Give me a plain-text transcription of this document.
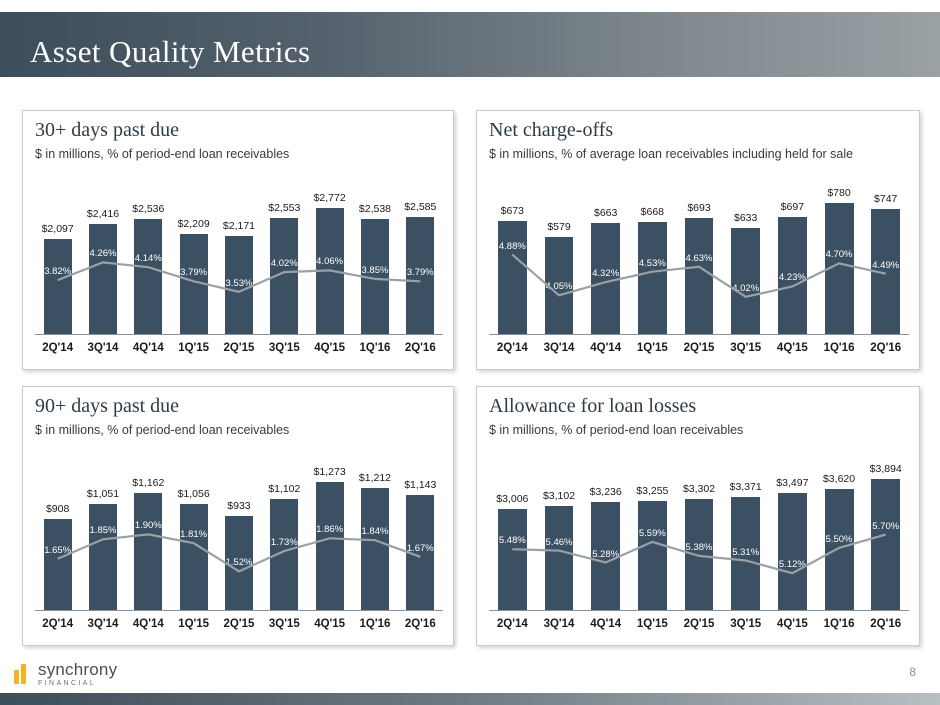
Asset Quality Metrics
30+ days past due
$ in millions, % of period-end loan receivables
$2,097
3.82%
$2,416
4.26%
$2,536
4.14%
$2,209
3.79%
$2,171
3.53%
$2,553
4.02%
$2,772
4.06%
$2,538
3.85%
$2,585
3.79%
2Q'14	3Q'14	4Q'14	1Q'15	2Q'15	3Q'15	4Q'15	1Q'16	2Q'16
Net charge-offs
$ in millions, % of average loan receivables including held for sale
$673
4.88%
$579
4.05%
$663
4.32%
$668
4.53%
$693
4.63%
$633
4.02%
$697
4.23%
$780
4.70%
$747
4.49%
2Q'14	3Q'14	4Q'14	1Q'15	2Q'15	3Q'15	4Q'15	1Q'16	2Q'16
90+ days past due
$ in millions, % of period-end loan receivables
$908
1.65%
$1,051
1.85%
$1,162
1.90%
$1,056
1.81%
$933
1.52%
$1,102
1.73%
$1,273
1.86%
$1,212
1.84%
$1,143
1.67%
2Q'14	3Q'14	4Q'14	1Q'15	2Q'15	3Q'15	4Q'15	1Q'16	2Q'16
Allowance for loan losses
$ in millions, % of period-end loan receivables
$3,006
5.48%
$3,102
5.46%
$3,236
5.28%
$3,255
5.59%
$3,302
5.38%
$3,371
5.31%
$3,497
5.12%
$3,620
5.50%
$3,894
5.70%
2Q'14	3Q'14	4Q'14	1Q'15	2Q'15	3Q'15	4Q'15	1Q'16	2Q'16
synchrony
FINANCIAL
8
